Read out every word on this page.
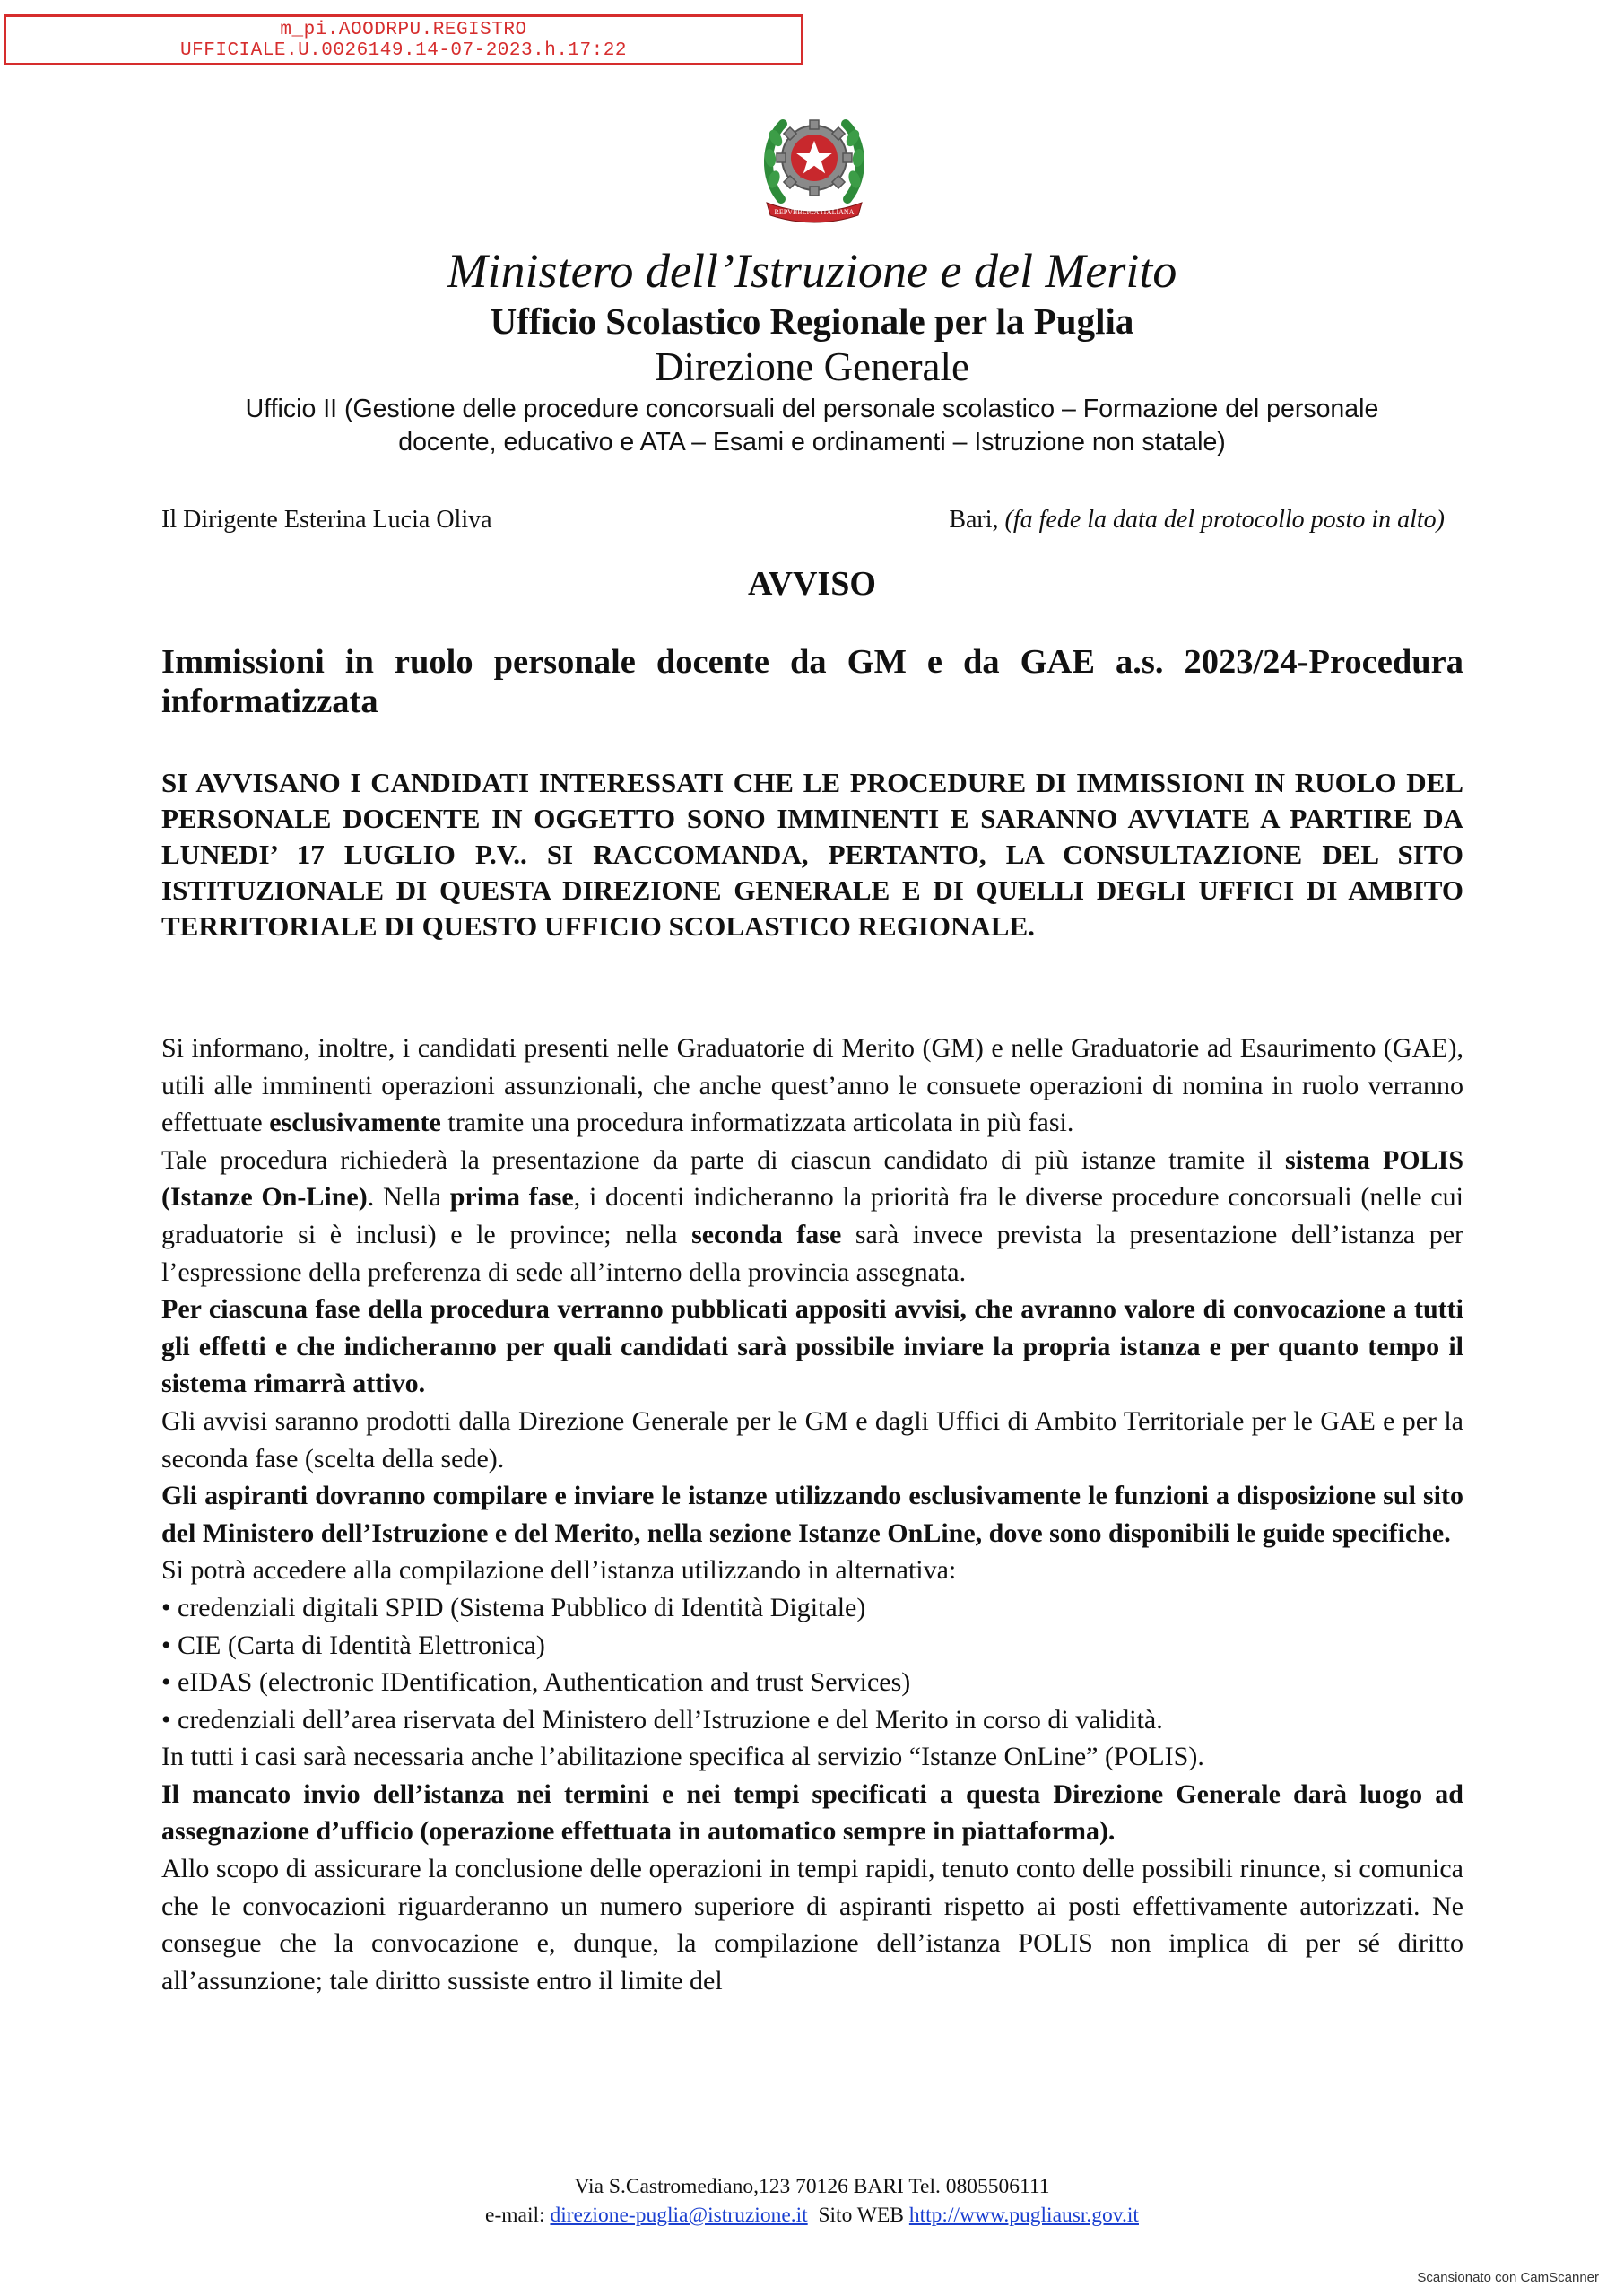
m_pi.AOODRPU.REGISTRO
UFFICIALE.U.0026149.14-07-2023.h.17:22
REPVBBLICA ITALIANA
Ministero dell’Istruzione e del Merito
Ufficio Scolastico Regionale per la Puglia
Direzione Generale
Ufficio II (Gestione delle procedure concorsuali del personale scolastico – Formazione del personale
docente, educativo e ATA – Esami e ordinamenti – Istruzione non statale)
Il Dirigente Esterina Lucia Oliva	Bari, (fa fede la data del protocollo posto in alto)
AVVISO
Immissioni in ruolo personale docente da GM e da GAE a.s. 2023/24-Procedura informatizzata
SI AVVISANO I CANDIDATI INTERESSATI CHE LE PROCEDURE DI IMMISSIONI IN RUOLO DEL PERSONALE DOCENTE IN OGGETTO SONO IMMINENTI E SARANNO AVVIATE A PARTIRE DA LUNEDI’ 17 LUGLIO P.V.. SI RACCOMANDA, PERTANTO, LA CONSULTAZIONE DEL SITO ISTITUZIONALE DI QUESTA DIREZIONE GENERALE E DI QUELLI DEGLI UFFICI DI AMBITO TERRITORIALE DI QUESTO UFFICIO SCOLASTICO REGIONALE.

Si informano, inoltre, i candidati presenti nelle Graduatorie di Merito (GM) e nelle Graduatorie ad Esaurimento (GAE), utili alle imminenti operazioni assunzionali, che anche quest’anno le consuete operazioni di nomina in ruolo verranno effettuate esclusivamente tramite una procedura informatizzata articolata in più fasi.

Tale procedura richiederà la presentazione da parte di ciascun candidato di più istanze tramite il sistema POLIS (Istanze On-Line). Nella prima fase, i docenti indicheranno la priorità fra le diverse procedure concorsuali (nelle cui graduatorie si è inclusi) e le province; nella seconda fase sarà invece prevista la presentazione dell’istanza per l’espressione della preferenza di sede all’interno della provincia assegnata.

Per ciascuna fase della procedura verranno pubblicati appositi avvisi, che avranno valore di convocazione a tutti gli effetti e che indicheranno per quali candidati sarà possibile inviare la propria istanza e per quanto tempo il sistema rimarrà attivo.

Gli avvisi saranno prodotti dalla Direzione Generale per le GM e dagli Uffici di Ambito Territoriale per le GAE e per la seconda fase (scelta della sede).

Gli aspiranti dovranno compilare e inviare le istanze utilizzando esclusivamente le funzioni a disposizione sul sito del Ministero dell’Istruzione e del Merito, nella sezione Istanze OnLine, dove sono disponibili le guide specifiche.

Si potrà accedere alla compilazione dell’istanza utilizzando in alternativa:

• credenziali digitali SPID (Sistema Pubblico di Identità Digitale)

• CIE (Carta di Identità Elettronica)

• eIDAS (electronic IDentification, Authentication and trust Services)

• credenziali dell’area riservata del Ministero dell’Istruzione e del Merito in corso di validità.

In tutti i casi sarà necessaria anche l’abilitazione specifica al servizio “Istanze OnLine” (POLIS).

Il mancato invio dell’istanza nei termini e nei tempi specificati a questa Direzione Generale darà luogo ad assegnazione d’ufficio (operazione effettuata in automatico sempre in piattaforma).

Allo scopo di assicurare la conclusione delle operazioni in tempi rapidi, tenuto conto delle possibili rinunce, si comunica che le convocazioni riguarderanno un numero superiore di aspiranti rispetto ai posti effettivamente autorizzati. Ne consegue che la convocazione e, dunque, la compilazione dell’istanza POLIS non implica di per sé diritto all’assunzione; tale diritto sussiste entro il limite del

Via S.Castromediano,123 70126 BARI Tel. 0805506111
e-mail: direzione-puglia@istruzione.it Sito WEB http://www.pugliausr.gov.it
Scansionato con CamScanner
